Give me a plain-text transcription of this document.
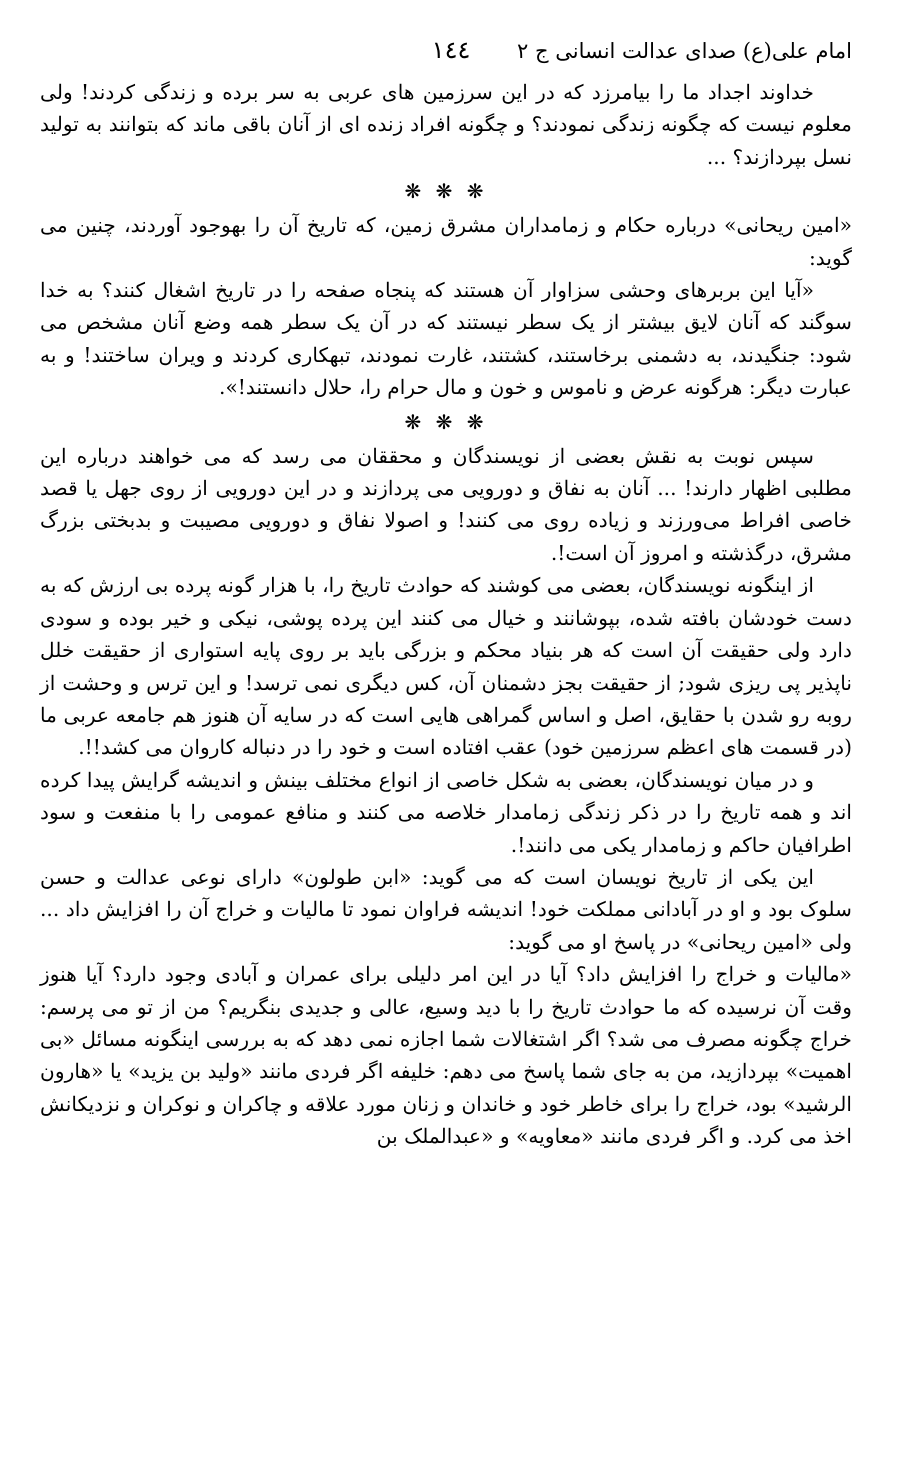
امام علی(ع) صدای عدالت انسانی ج ۲ ١٤٤

خداوند اجداد ما را بیامرزد که در این سرزمین های عربی به سر برده و زندگی کردند! ولی معلوم نیست که چگونه زندگی نمودند؟ و چگونه افراد زنده ای از آنان باقی ماند که بتوانند به تولید نسل بپردازند؟ ...

❋ ❋ ❋

«امین ریحانی» درباره حکام و زمامداران مشرق زمین، که تاریخ آن را بهوجود آوردند، چنین می گوید:

«آیا این بربرهای وحشی سزاوار آن هستند که پنجاه صفحه را در تاریخ اشغال کنند؟ به خدا سوگند که آنان لایق بیشتر از یک سطر نیستند که در آن یک سطر همه وضع آنان مشخص می شود: جنگیدند، به دشمنی برخاستند، کشتند، غارت نمودند، تبهکاری کردند و ویران ساختند! و به عبارت دیگر: هرگونه عرض و ناموس و خون و مال حرام را، حلال دانستند!».

❋ ❋ ❋

سپس نوبت به نقش بعضی از نویسندگان و محققان می رسد که می خواهند درباره این مطلبی اظهار دارند! ... آنان به نفاق و دورویی می پردازند و در این دورویی از روی جهل یا قصد خاصی افراط می‌ورزند و زیاده روی می کنند! و اصولا نفاق و دورویی مصیبت و بدبختی بزرگ مشرق، درگذشته و امروز آن است!.

از اینگونه نویسندگان، بعضی می کوشند که حوادث تاریخ را، با هزار گونه پرده بی ارزش که به دست خودشان بافته شده، بپوشانند و خیال می کنند این پرده پوشی، نیکی و خیر بوده و سودی دارد ولی حقیقت آن است که هر بنیاد محکم و بزرگی باید بر روی پایه استواری از حقیقت خلل ناپذیر پی ریزی شود; از حقیقت بجز دشمنان آن، کس دیگری نمی ترسد! و این ترس و وحشت از روبه رو شدن با حقایق، اصل و اساس گمراهی هایی است که در سایه آن هنوز هم جامعه عربی ما (در قسمت های اعظم سرزمین خود) عقب افتاده است و خود را در دنباله کاروان می کشد!!.

و در میان نویسندگان، بعضی به شکل خاصی از انواع مختلف بینش و اندیشه گرایش پیدا کرده اند و همه تاریخ را در ذکر زندگی زمامدار خلاصه می کنند و منافع عمومی را با منفعت و سود اطرافیان حاکم و زمامدار یکی می دانند!.

این یکی از تاریخ نویسان است که می گوید: «ابن طولون» دارای نوعی عدالت و حسن سلوک بود و او در آبادانی مملکت خود! اندیشه فراوان نمود تا مالیات و خراج آن را افزایش داد ... ولی «امین ریحانی» در پاسخ او می گوید:

«مالیات و خراج را افزایش داد؟ آیا در این امر دلیلی برای عمران و آبادی وجود دارد؟ آیا هنوز وقت آن نرسیده که ما حوادث تاریخ را با دید وسیع، عالی و جدیدی بنگریم؟ من از تو می پرسم: خراج چگونه مصرف می شد؟ اگر اشتغالات شما اجازه نمی دهد که به بررسی اینگونه مسائل «بی اهمیت» بپردازید، من به جای شما پاسخ می دهم: خلیفه اگر فردی مانند «ولید بن یزید» یا «هارون الرشید» بود، خراج را برای خاطر خود و خاندان و زنان مورد علاقه و چاکران و نوکران و نزدیکانش اخذ می کرد. و اگر فردی مانند «معاویه» و «عبدالملک بن
